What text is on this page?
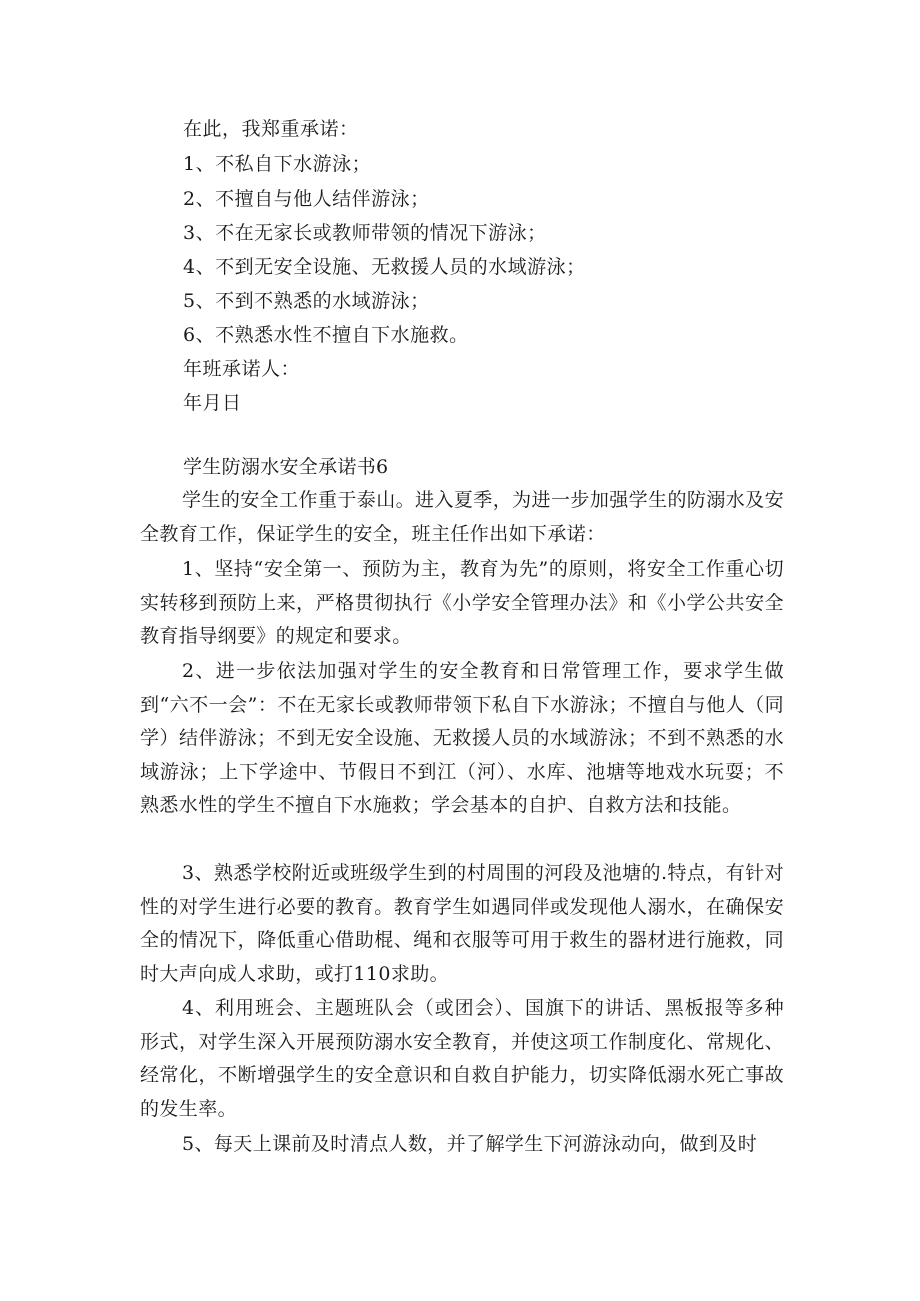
在此，我郑重承诺：
1、不私自下水游泳；
2、不擅自与他人结伴游泳；
3、不在无家长或教师带领的情况下游泳；
4、不到无安全设施、无救援人员的水域游泳；
5、不到不熟悉的水域游泳；
6、不熟悉水性不擅自下水施救。
年班承诺人：
年月日
学生防溺水安全承诺书6

学生的安全工作重于泰山。进入夏季，为进一步加强学生的防溺水及安全教育工作，保证学生的安全，班主任作出如下承诺：

1、坚持“安全第一、预防为主，教育为先”的原则，将安全工作重心切实转移到预防上来，严格贯彻执行《小学安全管理办法》和《小学公共安全教育指导纲要》的规定和要求。

2、进一步依法加强对学生的安全教育和日常管理工作，要求学生做到“六不一会”：不在无家长或教师带领下私自下水游泳；不擅自与他人（同学）结伴游泳；不到无安全设施、无救援人员的水域游泳；不到不熟悉的水域游泳；上下学途中、节假日不到江（河）、水库、池塘等地戏水玩耍；不熟悉水性的学生不擅自下水施救；学会基本的自护、自救方法和技能。

3、熟悉学校附近或班级学生到的村周围的河段及池塘的.特点，有针对性的对学生进行必要的教育。教育学生如遇同伴或发现他人溺水，在确保安全的情况下，降低重心借助棍、绳和衣服等可用于救生的器材进行施救，同时大声向成人求助，或打110求助。

4、利用班会、主题班队会（或团会）、国旗下的讲话、黑板报等多种形式，对学生深入开展预防溺水安全教育，并使这项工作制度化、常规化、经常化，不断增强学生的安全意识和自救自护能力，切实降低溺水死亡事故的发生率。

5、每天上课前及时清点人数，并了解学生下河游泳动向，做到及时
